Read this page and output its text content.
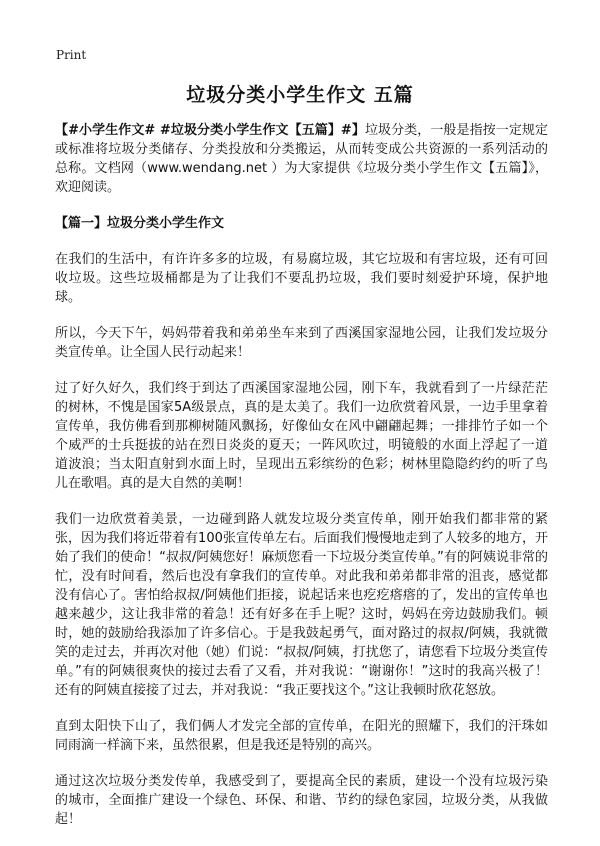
Print
垃圾分类小学生作文 五篇

【#小学生作文# #垃圾分类小学生作文【五篇】#】垃圾分类，一般是指按一定规定或标准将垃圾分类储存、分类投放和分类搬运，从而转变成公共资源的一系列活动的总称。文档网（www.wendang.net ）为大家提供《垃圾分类小学生作文【五篇】》，欢迎阅读。

【篇一】垃圾分类小学生作文

在我们的生活中，有许许多多的垃圾，有易腐垃圾，其它垃圾和有害垃圾，还有可回收垃圾。这些垃圾桶都是为了让我们不要乱扔垃圾，我们要时刻爱护环境，保护地球。

所以，今天下午，妈妈带着我和弟弟坐车来到了西溪国家湿地公园，让我们发垃圾分类宣传单。让全国人民行动起来！

过了好久好久，我们终于到达了西溪国家湿地公园，刚下车，我就看到了一片绿茫茫的树林，不愧是国家5A级景点，真的是太美了。我们一边欣赏着风景，一边手里拿着宣传单，我仿佛看到那柳树随风飘扬，好像仙女在风中翩翩起舞；一排排竹子如一个个威严的士兵挺拔的站在烈日炎炎的夏天；一阵风吹过，明镜般的水面上浮起了一道道波浪；当太阳直射到水面上时，呈现出五彩缤纷的色彩；树林里隐隐约约的听了鸟儿在歌唱。真的是大自然的美啊！

我们一边欣赏着美景，一边碰到路人就发垃圾分类宣传单，刚开始我们都非常的紧张，因为我们将近带着有100张宣传单左右。后面我们慢慢地走到了人较多的地方，开始了我们的使命！“叔叔/阿姨您好！麻烦您看一下垃圾分类宣传单。”有的阿姨说非常的忙，没有时间看，然后也没有拿我们的宣传单。对此我和弟弟都非常的沮丧，感觉都没有信心了。害怕给叔叔/阿姨他们拒接，说起话来也疙疙瘩瘩的了，发出的宣传单也越来越少，这让我非常的着急！还有好多在手上呢？这时，妈妈在旁边鼓励我们。顿时，她的鼓励给我添加了许多信心。于是我鼓起勇气，面对路过的叔叔/阿姨，我就微笑的走过去，并再次对他（她）们说：“叔叔/阿姨，打扰您了，请您看下垃圾分类宣传单。”有的阿姨很爽快的接过去看了又看，并对我说：“谢谢你！”这时的我高兴极了！还有的阿姨直接接了过去，并对我说：“我正要找这个。”这让我顿时欣花怒放。

直到太阳快下山了，我们俩人才发完全部的宣传单，在阳光的照耀下，我们的汗珠如同雨滴一样滴下来，虽然很累，但是我还是特别的高兴。

通过这次垃圾分类发传单，我感受到了，要提高全民的素质，建设一个没有垃圾污染的城市，全面推广建设一个绿色、环保、和谐、节约的绿色家园，垃圾分类，从我做起！
